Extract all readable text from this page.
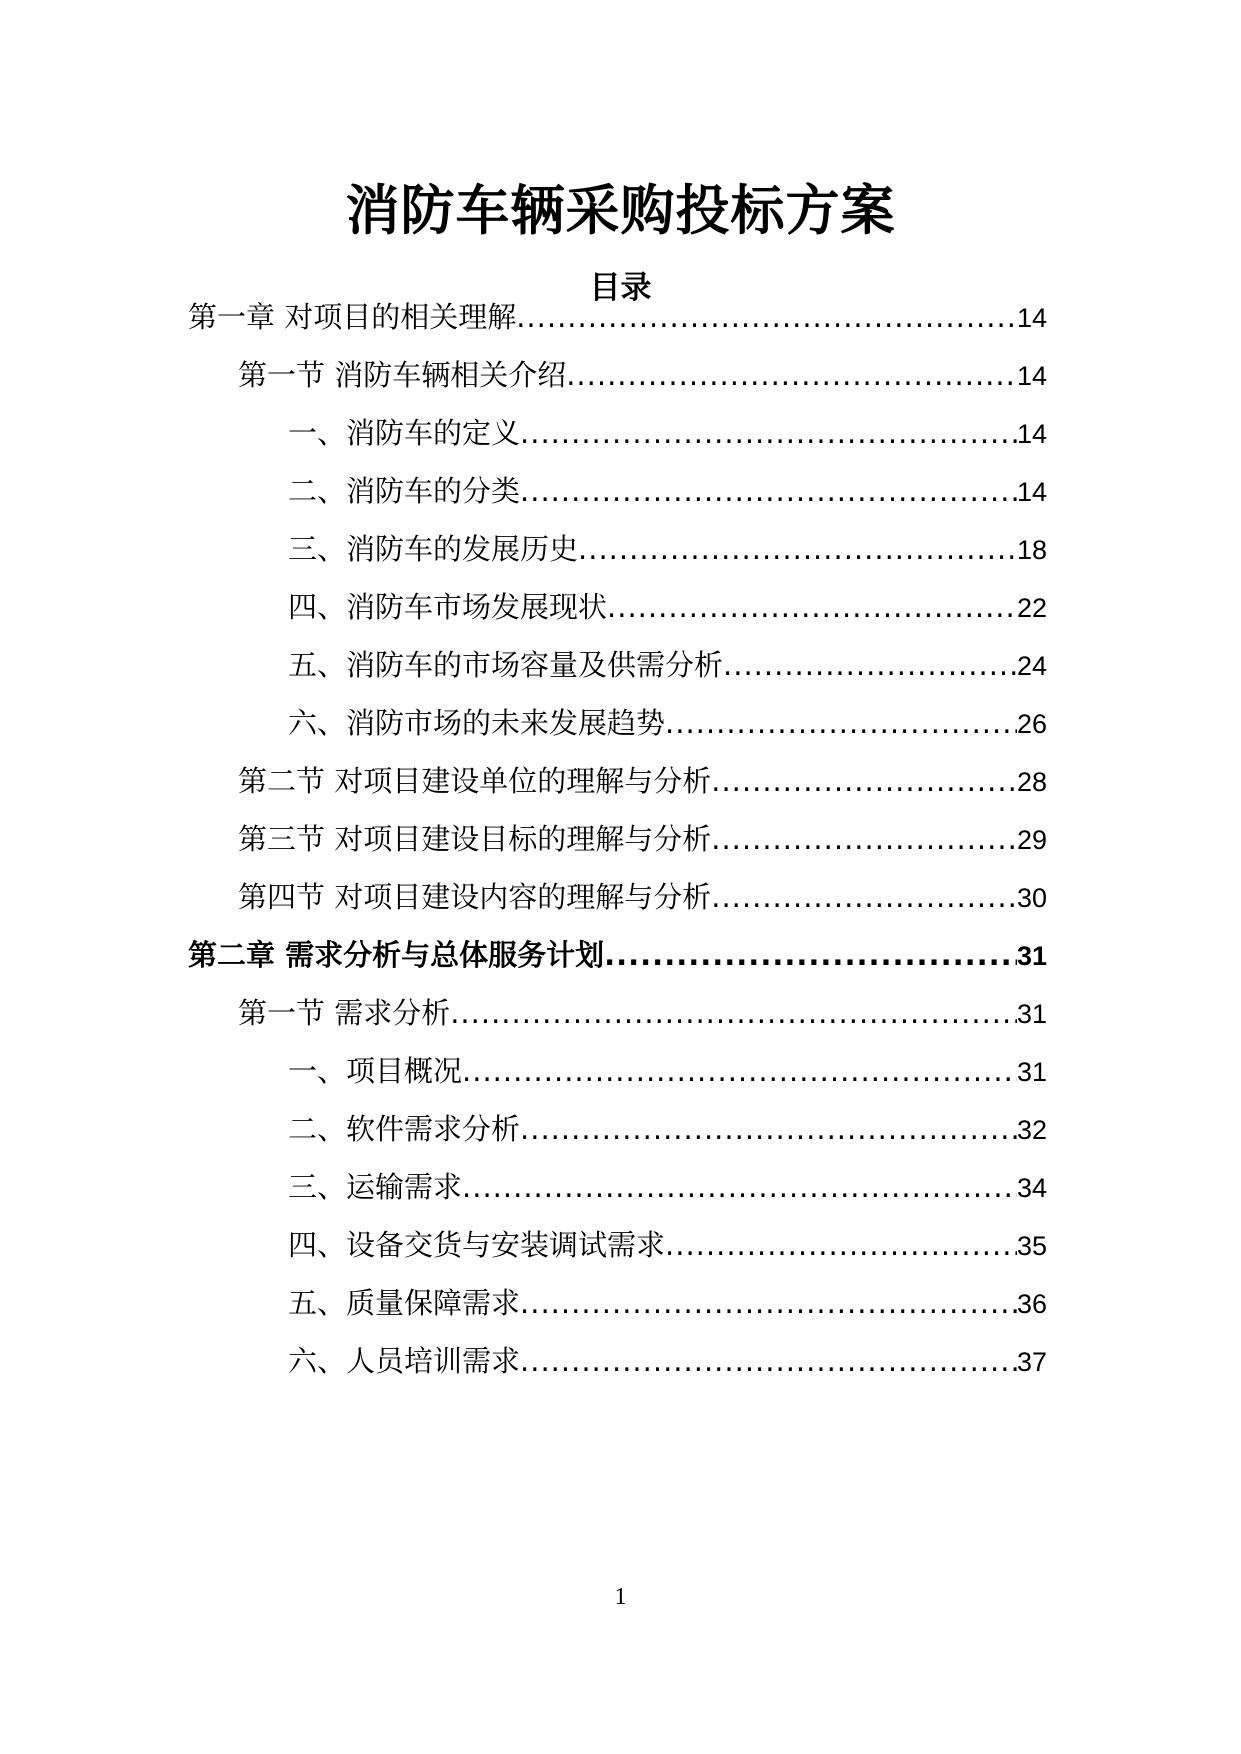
消防车辆采购投标方案
目录
第一章 对项目的相关理解 .....	14
第一节 消防车辆相关介绍 .....	14
一、消防车的定义 .....	14
二、消防车的分类 .....	14
三、消防车的发展历史 .....	18
四、消防车市场发展现状 .....	22
五、消防车的市场容量及供需分析 .....	24
六、消防市场的未来发展趋势 .....	26
第二节 对项目建设单位的理解与分析 .....	28
第三节 对项目建设目标的理解与分析 .....	29
第四节 对项目建设内容的理解与分析 .....	30
第二章 需求分析与总体服务计划 .....	31
第一节 需求分析 .....	31
一、项目概况 .....	31
二、软件需求分析 .....	32
三、运输需求 .....	34
四、设备交货与安装调试需求 .....	35
五、质量保障需求 .....	36
六、人员培训需求 .....	37
1
